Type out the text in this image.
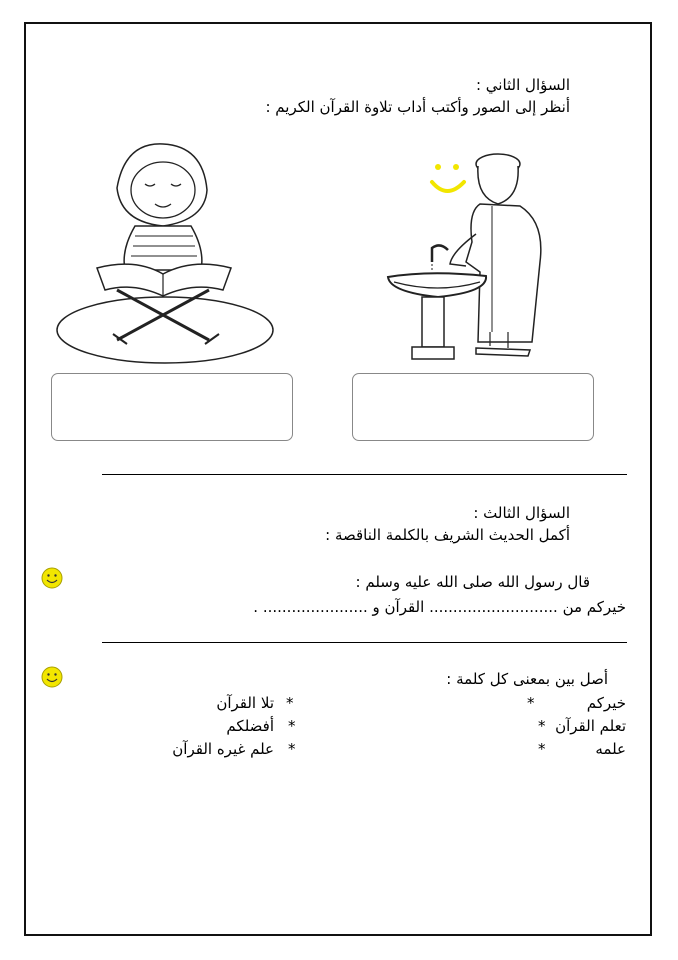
السؤال الثاني :
أنظر إلى الصور وأكتب أداب تلاوة القرآن الكريم :
السؤال الثالث :
أكمل الحديث الشريف بالكلمة الناقصة :
قال رسول الله صلى الله عليه وسلم :
خيركم من ........................... القرآن و ...................... .
أصل بين بمعنى كل كلمة :
خيركم
تعلم القرآن
علمه
*
*
*
*
*
*
تلا القرآن
أفضلكم
علم غيره القرآن
